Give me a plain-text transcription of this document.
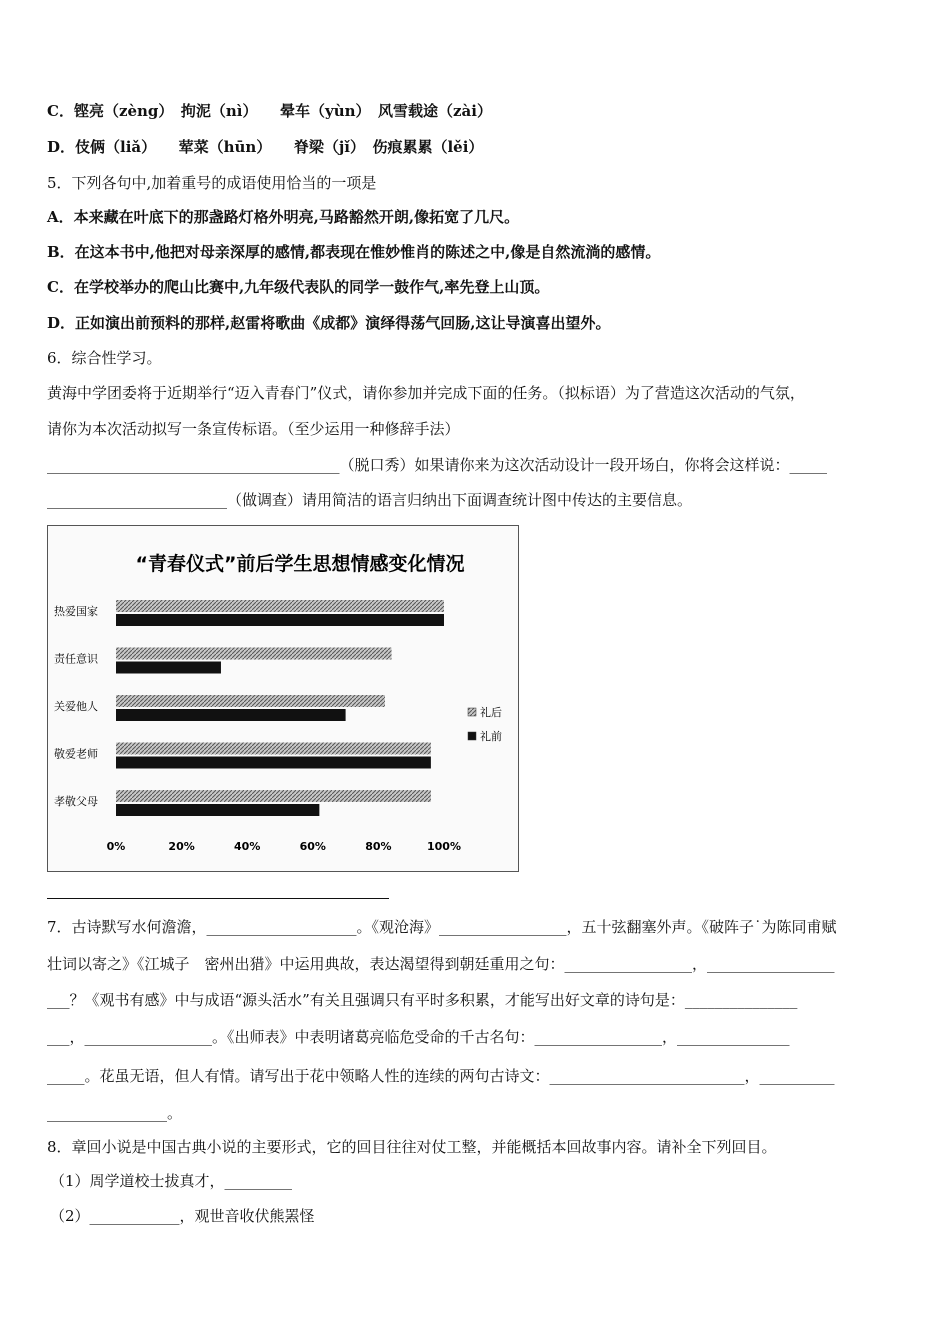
C．铿亮（zèng）　拘泥（nì）　　晕车（yùn）　风雪载途（zài）
D．伎俩（liǎ）　　荤菜（hūn）　　脊梁（jǐ）　伤痕累累（lěi）
5．下列各句中,加着重号的成语使用恰当的一项是
A．本来藏在叶底下的那盏路灯格外明亮,马路豁然开朗,像拓宽了几尺。
B．在这本书中,他把对母亲深厚的感情,都表现在惟妙惟肖的陈述之中,像是自然流淌的感情。
C．在学校举办的爬山比赛中,九年级代表队的同学一鼓作气,率先登上山顶。
D．正如演出前预料的那样,赵雷将歌曲《成都》演绎得荡气回肠,这让导演喜出望外。
6．综合性学习。
黄海中学团委将于近期举行“迈入青春门”仪式，请你参加并完成下面的任务。（拟标语）为了营造这次活动的气氛，
请你为本次活动拟写一条宣传标语。（至少运用一种修辞手法）
_______________________________________（脱口秀）如果请你来为这次活动设计一段开场白，你将会这样说：_____
________________________（做调查）请用简洁的语言归纳出下面调查统计图中传达的主要信息。
“青春仪式”前后学生思想情感变化情况
热爱国家
责任意识
关爱他人
敬爱老师
孝敬父母
0%	20%	40%	60%	80%	100%
礼后
礼前
7．古诗默写水何澹澹，____________________。《观沧海》_________________，五十弦翻塞外声。《破阵子˙为陈同甫赋
壮词以寄之》《江城子　密州出猎》中运用典故，表达渴望得到朝廷重用之句：_________________，_________________
___？《观书有感》中与成语“源头活水”有关且强调只有平时多积累，才能写出好文章的诗句是：_______________
___，_________________。《出师表》中表明诸葛亮临危受命的千古名句：_________________，_______________
_____。花虽无语，但人有情。请写出于花中领略人性的连续的两句古诗文：__________________________，__________
________________。
8．章回小说是中国古典小说的主要形式，它的回目往往对仗工整，并能概括本回故事内容。请补全下列回目。
（1）周学道校士拔真才，_________
（2）____________，观世音收伏熊罴怪
